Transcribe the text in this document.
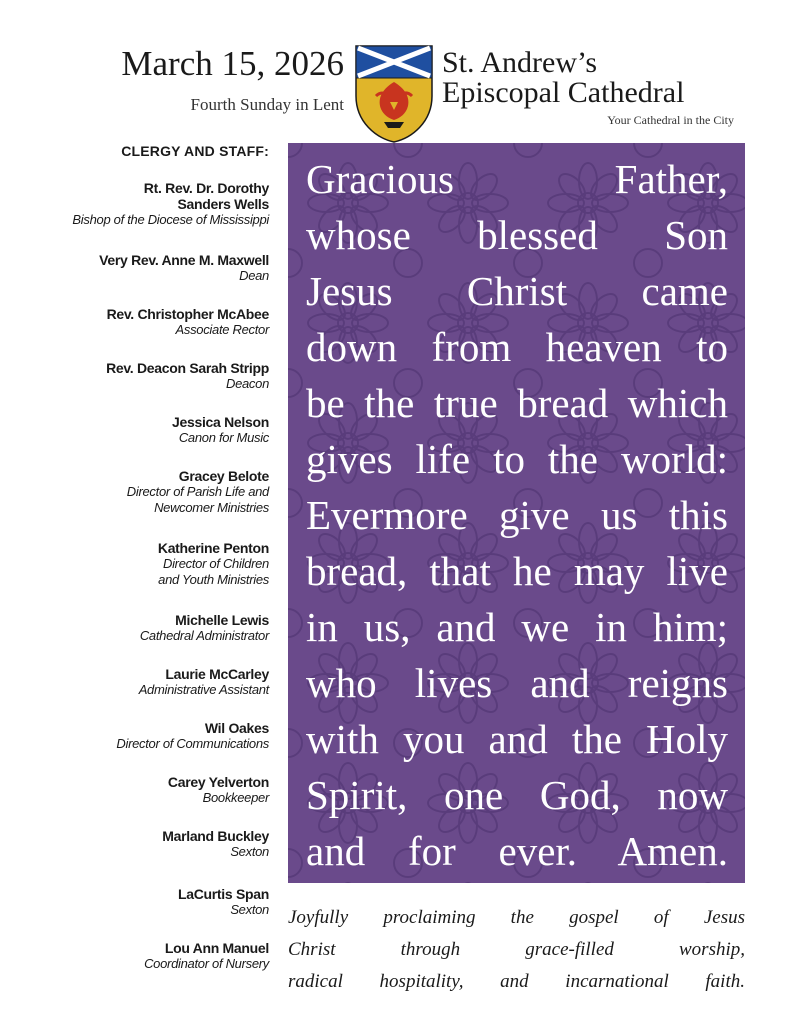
March 15, 2026
Fourth Sunday in Lent
St. Andrew’s
Episcopal Cathedral
Your Cathedral in the City
CLERGY AND STAFF:
Rt. Rev. Dr. Dorothy
Sanders Wells
Bishop of the Diocese of Mississippi
Very Rev. Anne M. Maxwell
Dean
Rev. Christopher McAbee
Associate Rector
Rev. Deacon Sarah Stripp
Deacon
Jessica Nelson
Canon for Music
Gracey Belote
Director of Parish Life and
Newcomer Ministries
Katherine Penton
Director of Children
and Youth Ministries
Michelle Lewis
Cathedral Administrator
Laurie McCarley
Administrative Assistant
Wil Oakes
Director of Communications
Carey Yelverton
Bookkeeper
Marland Buckley
Sexton
LaCurtis Span
Sexton
Lou Ann Manuel
Coordinator of Nursery
Gracious Father,
whose blessed Son
Jesus Christ came
down from heaven to
be the true bread which
gives life to the world:
Evermore give us this
bread, that he may live
in us, and we in him;
who lives and reigns
with you and the Holy
Spirit, one God, now
and for ever. Amen.
Joyfully proclaiming the gospel of Jesus
Christ through grace-filled worship,
radical hospitality, and incarnational faith.
